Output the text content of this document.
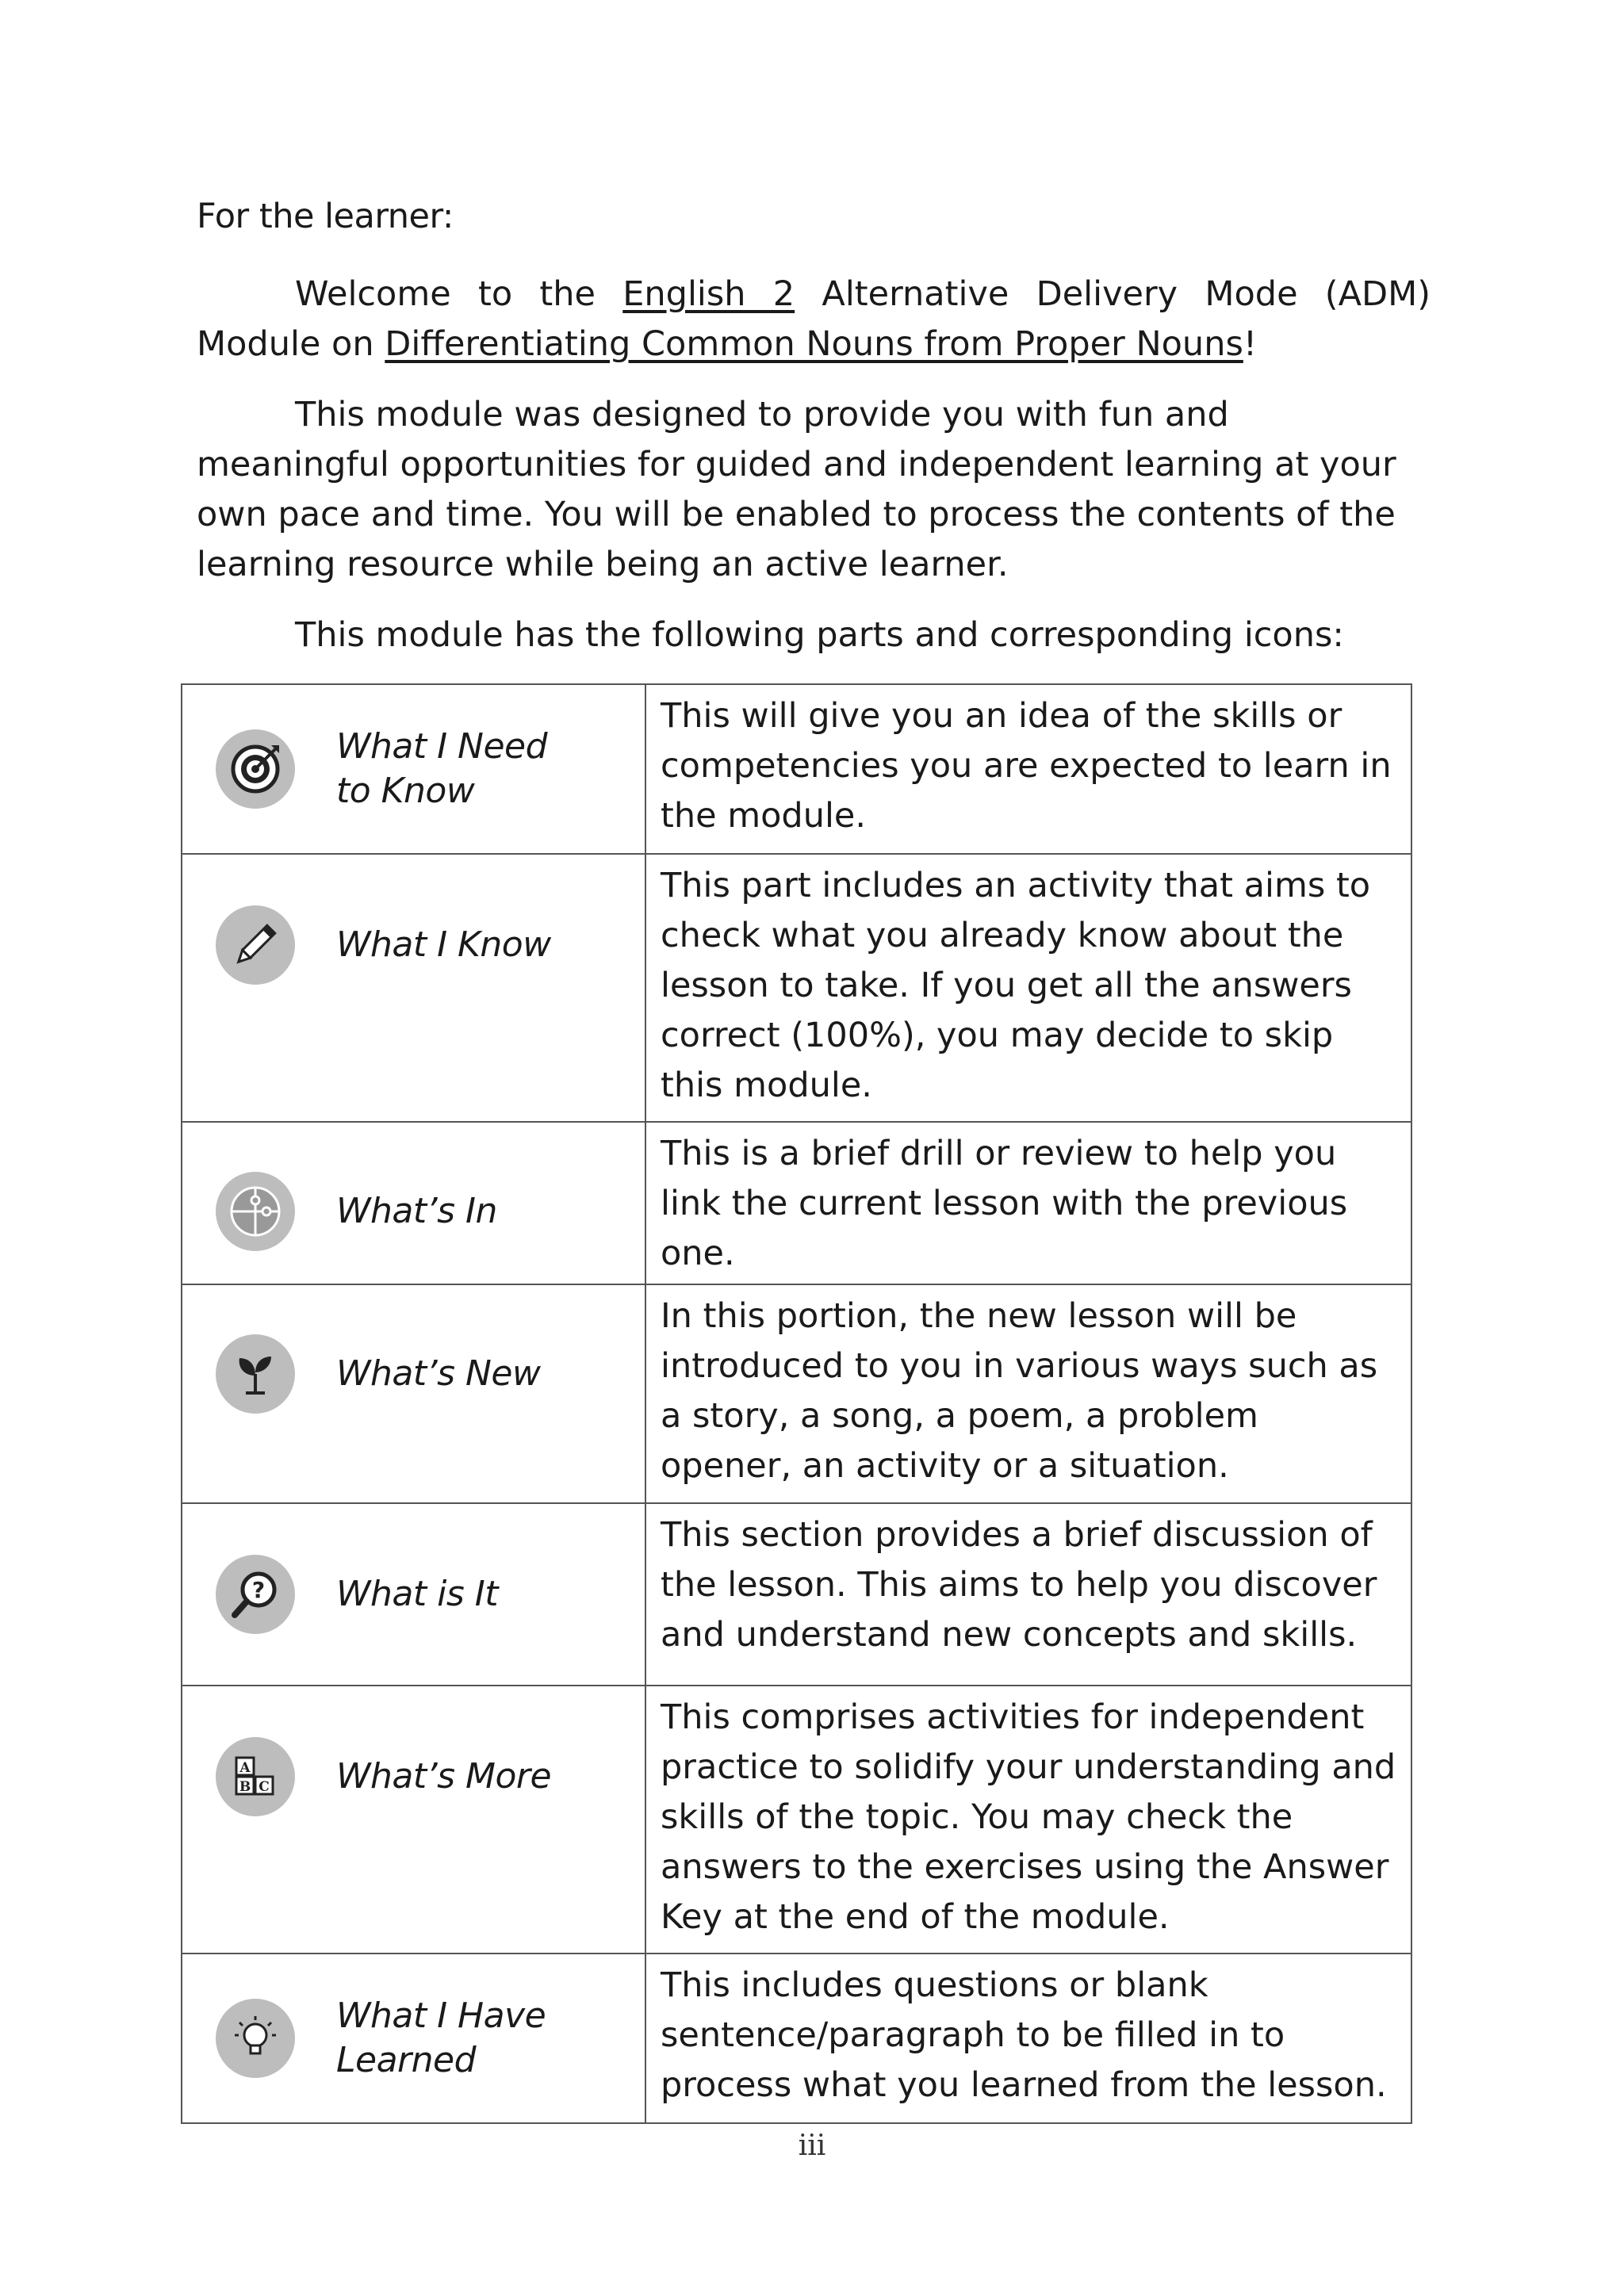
For the learner:

Welcome to the English 2 Alternative Delivery Mode (ADM) Module on Differentiating Common Nouns from Proper Nouns!

This module was designed to provide you with fun and meaningful opportunities for guided and independent learning at your own pace and time. You will be enabled to process the contents of the learning resource while being an active learner.

This module has the following parts and corresponding icons:

What I Need to Know	This will give you an idea of the skills or competencies you are expected to learn in the module.

What I Know	This part includes an activity that aims to check what you already know about the lesson to take. If you get all the answers correct (100%), you may decide to skip this module.

What’s In	This is a brief drill or review to help you link the current lesson with the previous one.

What’s New	In this portion, the new lesson will be introduced to you in various ways such as a story, a song, a poem, a problem opener, an activity or a situation.

? What is It	This section provides a brief discussion of the lesson. This aims to help you discover and understand new concepts and skills.

A
B C What’s More	This comprises activities for independent practice to solidify your understanding and skills of the topic. You may check the answers to the exercises using the Answer Key at the end of the module.

What I Have Learned	This includes questions or blank sentence/paragraph to be filled in to process what you learned from the lesson.
iii
